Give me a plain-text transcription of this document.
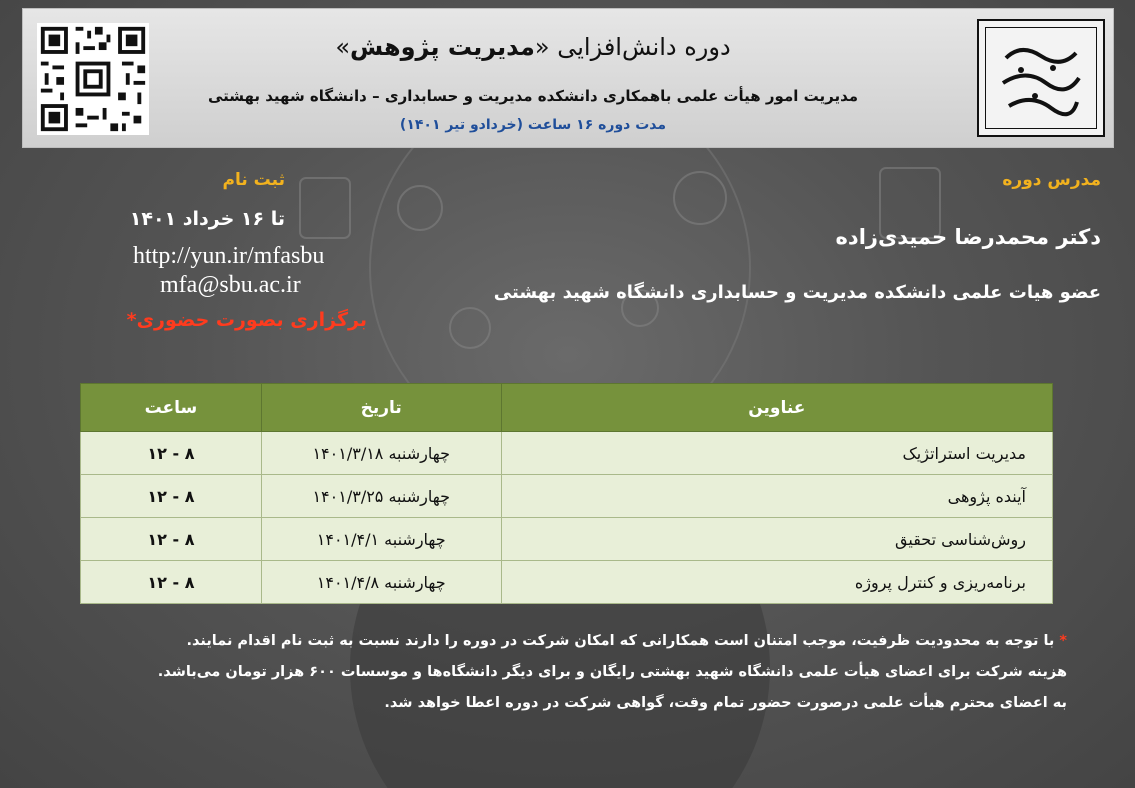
دوره دانش‌افزایی «مدیریت پژوهش»
مدیریت امور هیأت علمی باهمکاری دانشکده مدیریت و حسابداری – دانشگاه شهید بهشتی
مدت دوره ۱۶ ساعت (خردادو تیر ۱۴۰۱)
مدرس دوره
دکتر محمدرضا حمیدی‌زاده
عضو هیات علمی دانشکده مدیریت و حسابداری دانشگاه شهید بهشتی
ثبت نام
تا ۱۶ خرداد ۱۴۰۱
http://yun.ir/mfasbu
mfa@sbu.ac.ir
برگزاری بصورت حضوری*
عناوین	تاریخ	ساعت
مدیریت استراتژیک	چهارشنبه ۱۴۰۱/۳/۱۸	۸ - ۱۲
آینده پژوهی	چهارشنبه ۱۴۰۱/۳/۲۵	۸ - ۱۲
روش‌شناسی تحقیق	چهارشنبه ۱۴۰۱/۴/۱	۸ - ۱۲
برنامه‌ریزی و کنترل پروژه	چهارشنبه ۱۴۰۱/۴/۸	۸ - ۱۲
* با توجه به محدودیت ظرفیت، موجب امتنان است همکارانی که امکان شرکت در دوره را دارند نسبت به ثبت نام اقدام نمایند.
هزینه شرکت برای اعضای هیأت علمی دانشگاه شهید بهشتی رایگان و برای دیگر دانشگاه‌ها و موسسات ۶۰۰ هزار تومان می‌باشد.
به اعضای محترم هیأت علمی درصورت حضور تمام وقت، گواهی شرکت در دوره اعطا خواهد شد.
